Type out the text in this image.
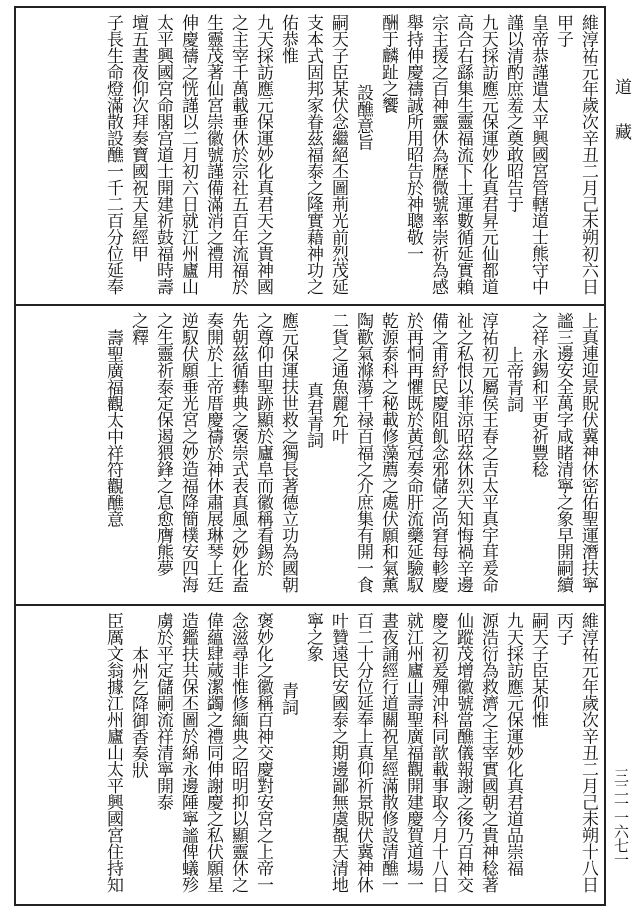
維淳祐元年歲次辛丑二月己未朔初六日
甲子
皇帝恭謹遣太平興國宮管轄道士熊守中
謹以清酌庶羞之奠敢昭告于
九天採訪應元保運妙化真君昇元仙都道
高合右繇集生靈福流下土運數循延實賴
宗主援之百神靈休為歷微號率崇祈為感
舉持伸慶禱誠所用昭告於神聰敬一
酬于麟趾之饗
設醮意旨
嗣天子臣某伏念繼絕丕圖荊光前烈茂延
支本式固邦家眷茲福泰之隆實藉神功之
佑恭惟
九天採訪應元保運妙化真君天之貴神國
之主宰千萬載垂休於宗社五百年流福於
生靈茂著仙宮崇徽號謹備滿消之禮用
伸慶禱之恍謹以二月初六日就江州廬山
太平興國宮命閣宫道士開建祈鼓福時壽
壇五晝夜仰次拜奏寶國祝天星經甲
子長生命燈滿散設醮一千二百分位延奉
上真連迎景貺伏冀神休密佑聖運潛扶寧
謐三邊安全萬字咸睹清寧之象早開嗣續
之祥永錫和平更祈豐稔
上帝青詞
淳祐初元屬侯王春之吉太平真宇茸爰命
祉之私恨以菲涼昭茲休烈天知悔禍辛邊
備之甫紓民慶阻飢念邪儲之尚窘每軫慶
於再恫再懼既於黃冠奏命肝流藥延驗馭
乾源泰科之秘載修藻薦之處伏願和氣薰
陶歡氣滌蕩千禄百福之介庶集有開一食
二貨之通魚麗允叶
真君青詞
應元保運扶世救之獨長著德立功為國朝
之尊仰由聖跡顯於廬阜而徽稱看錫於
先朝茲循彝典之褒崇式表真風之妙化盍
奏開於上帝厝慶禱於神休肅展琳琴上廷
逆馭伏願垂光宮之妙造福降簡樸安四海
之生靈祈泰定保遏猥鋒之息愈膺熊夢
之釋
壽聖廣福觀太中祥符觀醮意
維淳祐元年歲次辛丑二月己未朔十八日
丙子
嗣天子臣某仰惟
九天採訪應元保運妙化真君道品崇福
源浩衍為救濟之主宰實國朝之貴神稔著
仙蹤茂增徽號當醮儀報謝之後乃百神交
慶之初爰殫沖科同歆載事取今月十八日
就江州廬山壽聖廣福觀開建慶賀道場一
晝夜誦經行道關祝星經滿散修設清醮一
百二十分位延奉上真仰祈景貺伏冀神休
叶贊遠民安國泰之期邊鄙無虞覩天清地
寧之象
青詞
褒妙化之徽稱百神交慶對安宮之上帝一
念滋尋非惟修緬典之昭明抑以顯靈休之
偉蘊肆蒇潔蠲之禮同伸謝慶之私伏願星
造鑑扶共保丕圖於綿永邊陲寧謐俾蟻殄
虜於平定儲嗣流祥清寧開泰
本州乞降御香奏狀
臣厲文翁據江州廬山太平興國宮住持知
道藏
三二一一六七一
